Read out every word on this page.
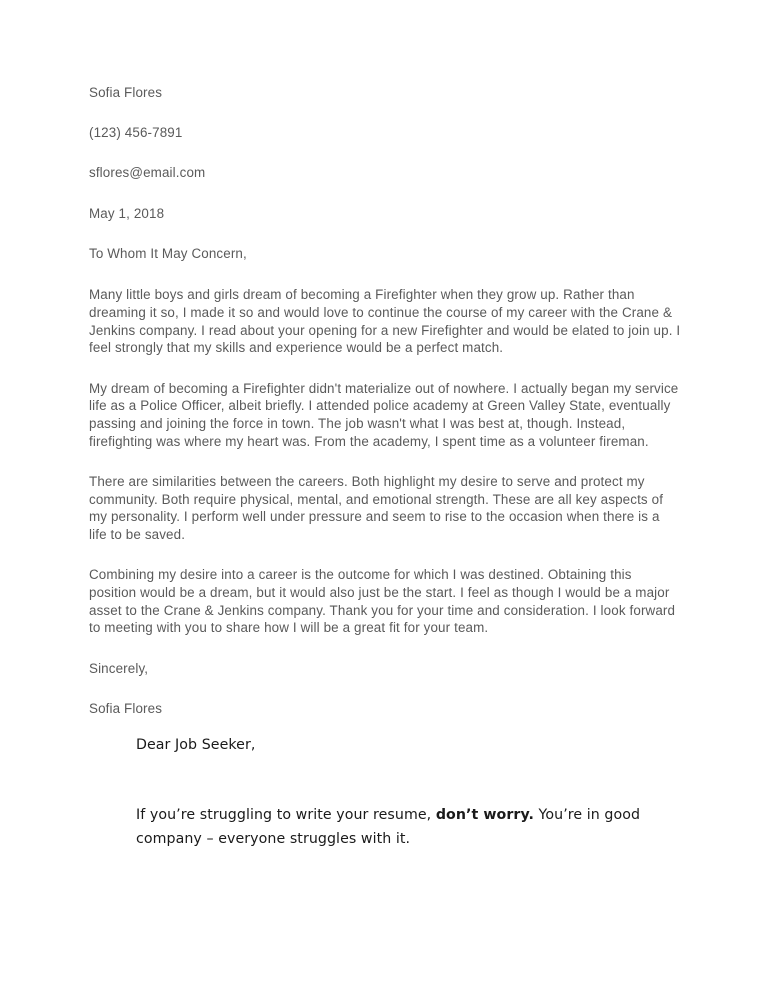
Sofia Flores

(123) 456-7891

sflores@email.com

May 1, 2018

To Whom It May Concern,

Many little boys and girls dream of becoming a Firefighter when they grow up. Rather than dreaming it so, I made it so and would love to continue the course of my career with the Crane & Jenkins company. I read about your opening for a new Firefighter and would be elated to join up. I feel strongly that my skills and experience would be a perfect match.

My dream of becoming a Firefighter didn't materialize out of nowhere. I actually began my service life as a Police Officer, albeit briefly. I attended police academy at Green Valley State, eventually passing and joining the force in town. The job wasn't what I was best at, though. Instead, firefighting was where my heart was. From the academy, I spent time as a volunteer fireman.

There are similarities between the careers. Both highlight my desire to serve and protect my community. Both require physical, mental, and emotional strength. These are all key aspects of my personality. I perform well under pressure and seem to rise to the occasion when there is a life to be saved.

Combining my desire into a career is the outcome for which I was destined. Obtaining this position would be a dream, but it would also just be the start. I feel as though I would be a major asset to the Crane & Jenkins company. Thank you for your time and consideration. I look forward to meeting with you to share how I will be a great fit for your team.

Sincerely,

Sofia Flores

Dear Job Seeker,

If you’re struggling to write your resume, don’t worry. You’re in good company – everyone struggles with it.
